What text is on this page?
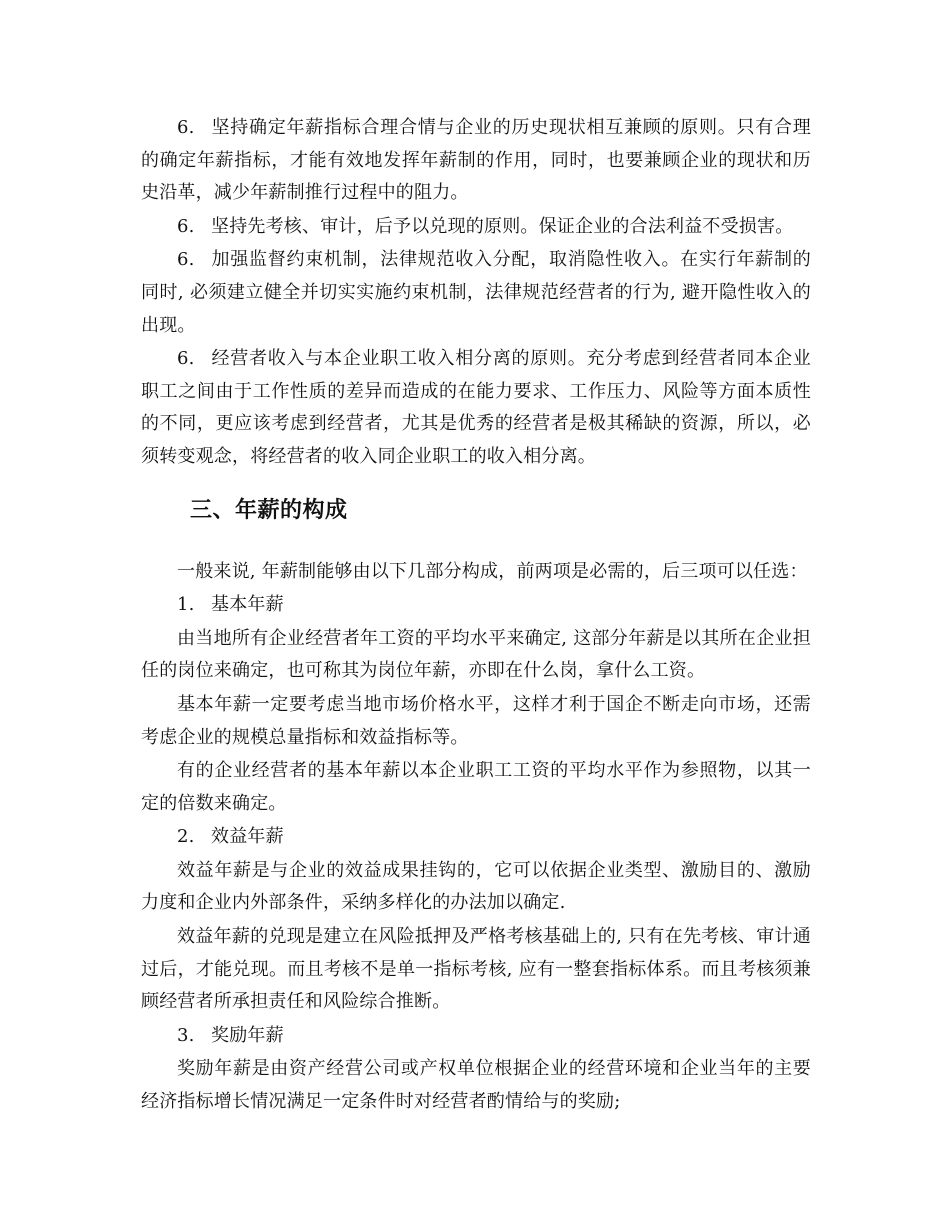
6. 坚持确定年薪指标合理合情与企业的历史现状相互兼顾的原则。只有合理的确定年薪指标，才能有效地发挥年薪制的作用，同时，也要兼顾企业的现状和历史沿革，减少年薪制推行过程中的阻力。

6. 坚持先考核、审计，后予以兑现的原则。保证企业的合法利益不受损害。

6. 加强监督约束机制，法律规范收入分配，取消隐性收入。在实行年薪制的同时, 必须建立健全并切实实施约束机制，法律规范经营者的行为, 避开隐性收入的出现。

6. 经营者收入与本企业职工收入相分离的原则。充分考虑到经营者同本企业职工之间由于工作性质的差异而造成的在能力要求、工作压力、风险等方面本质性的不同，更应该考虑到经营者，尤其是优秀的经营者是极其稀缺的资源，所以，必须转变观念，将经营者的收入同企业职工的收入相分离。

三、年薪的构成

一般来说, 年薪制能够由以下几部分构成，前两项是必需的，后三项可以任选：

1. 基本年薪

由当地所有企业经营者年工资的平均水平来确定, 这部分年薪是以其所在企业担任的岗位来确定，也可称其为岗位年薪，亦即在什么岗，拿什么工资。

基本年薪一定要考虑当地市场价格水平，这样才利于国企不断走向市场，还需考虑企业的规模总量指标和效益指标等。

有的企业经营者的基本年薪以本企业职工工资的平均水平作为参照物，以其一定的倍数来确定。

2. 效益年薪

效益年薪是与企业的效益成果挂钩的，它可以依据企业类型、激励目的、激励力度和企业内外部条件，采纳多样化的办法加以确定.

效益年薪的兑现是建立在风险抵押及严格考核基础上的, 只有在先考核、审计通过后，才能兑现。而且考核不是单一指标考核, 应有一整套指标体系。而且考核须兼顾经营者所承担责任和风险综合推断。

3. 奖励年薪

奖励年薪是由资产经营公司或产权单位根据企业的经营环境和企业当年的主要经济指标增长情况满足一定条件时对经营者酌情给与的奖励;
